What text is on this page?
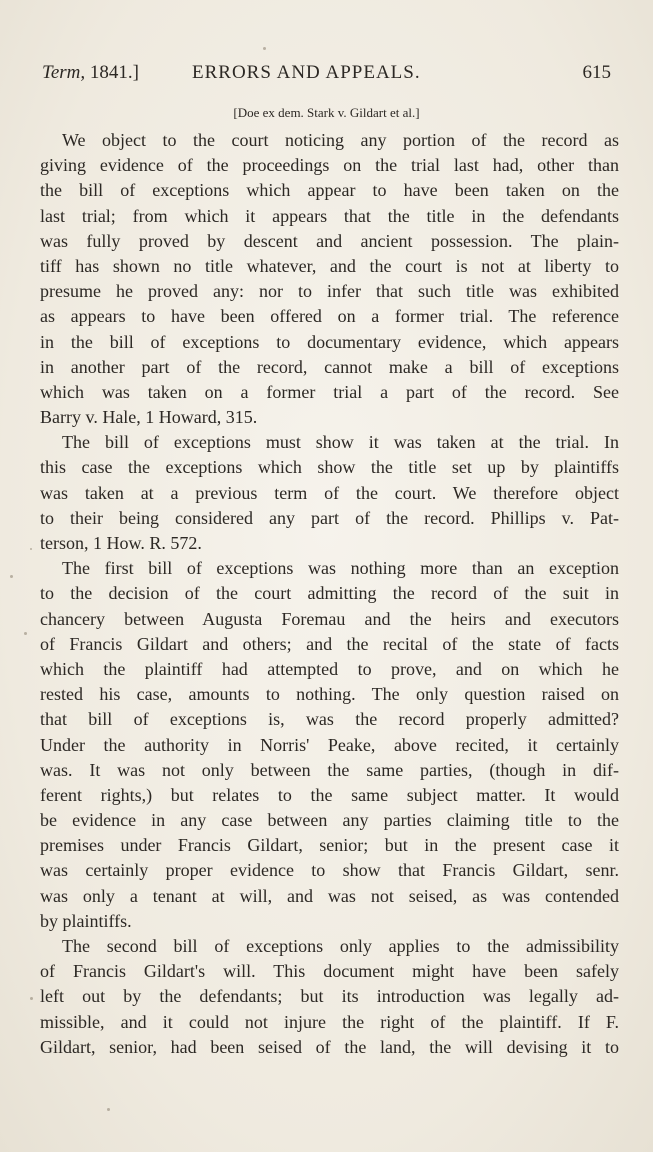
Term, 1841.]	ERRORS AND APPEALS.	615
[Doe ex dem. Stark v. Gildart et al.]
We object to the court noticing any portion of the record as
giving evidence of the proceedings on the trial last had, other than
the bill of exceptions which appear to have been taken on the
last trial; from which it appears that the title in the defendants
was fully proved by descent and ancient possession. The plain-
tiff has shown no title whatever, and the court is not at liberty to
presume he proved any: nor to infer that such title was exhibited
as appears to have been offered on a former trial. The reference
in the bill of exceptions to documentary evidence, which appears
in another part of the record, cannot make a bill of exceptions
which was taken on a former trial a part of the record. See
Barry v. Hale, 1 Howard, 315.
The bill of exceptions must show it was taken at the trial. In
this case the exceptions which show the title set up by plaintiffs
was taken at a previous term of the court. We therefore object
to their being considered any part of the record. Phillips v. Pat-
terson, 1 How. R. 572.
The first bill of exceptions was nothing more than an exception
to the decision of the court admitting the record of the suit in
chancery between Augusta Foremau and the heirs and executors
of Francis Gildart and others; and the recital of the state of facts
which the plaintiff had attempted to prove, and on which he
rested his case, amounts to nothing. The only question raised on
that bill of exceptions is, was the record properly admitted?
Under the authority in Norris' Peake, above recited, it certainly
was. It was not only between the same parties, (though in dif-
ferent rights,) but relates to the same subject matter. It would
be evidence in any case between any parties claiming title to the
premises under Francis Gildart, senior; but in the present case it
was certainly proper evidence to show that Francis Gildart, senr.
was only a tenant at will, and was not seised, as was contended
by plaintiffs.
The second bill of exceptions only applies to the admissibility
of Francis Gildart's will. This document might have been safely
left out by the defendants; but its introduction was legally ad-
missible, and it could not injure the right of the plaintiff. If F.
Gildart, senior, had been seised of the land, the will devising it to
